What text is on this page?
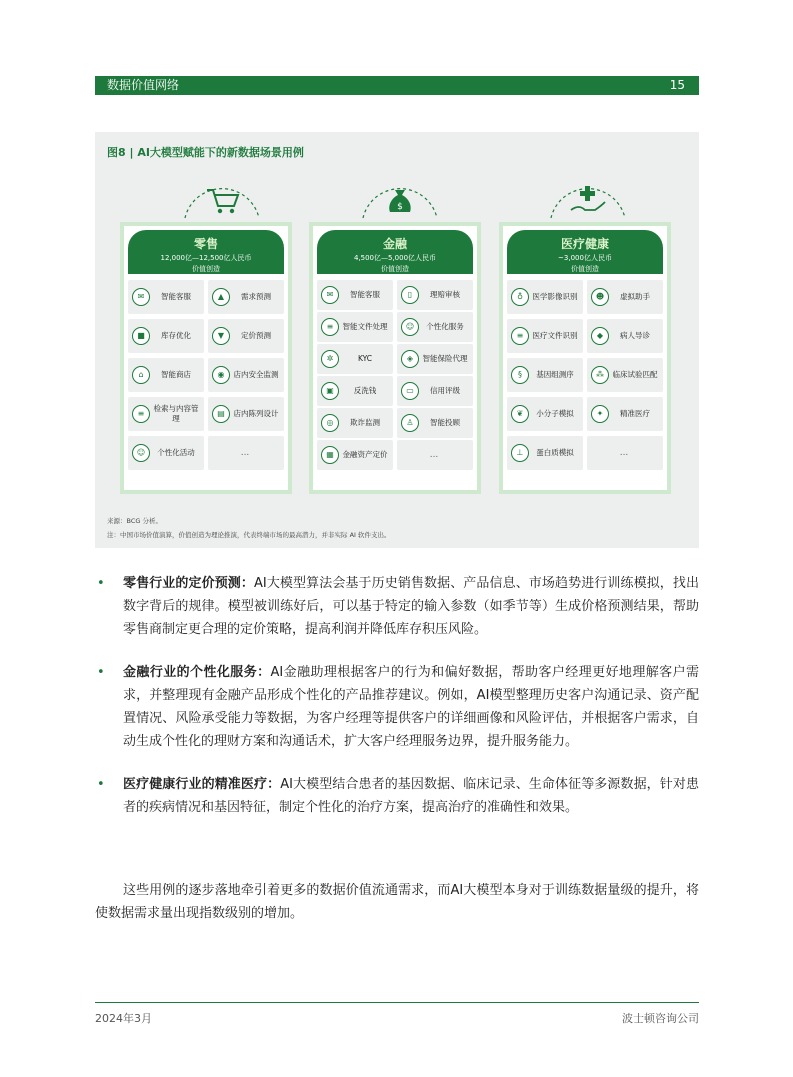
数据价值网络	15
图8 | AI大模型赋能下的新数据场景用例
$
零售
12,000亿—12,500亿人民币
价值创造
✉	智能客服	▲	需求预测
■	库存优化	▼	定价预测
⌂	智能商店	◉	店内安全监测
≡
检索与内容管理
▤	店内陈列设计
☺	个性化活动	...
金融
4,500亿—5,000亿人民币
价值创造
✉	智能客服	▯	理赔审核
≡	智能文件处理	☺	个性化服务
✲	KYC	◈	智能保险代理
▣	反洗钱	▭	信用评级
◎	欺诈监测	♙	智能投顾
▦	金融资产定价	...
医疗健康
~3,000亿人民币
价值创造
♁	医学影像识别	☻	虚拟助手
≡	医疗文件识别	◆	病人导诊
§	基因组测序	⁂	临床试验匹配
❦	小分子模拟	✦	精准医疗
⊥	蛋白质模拟	...
来源：BCG 分析。
注：中国市场价值演算，价值创造为理论推演，代表终端市场的最高潜力，并非实际 AI 软件支出。
• 零售行业的定价预测：AI大模型算法会基于历史销售数据、产品信息、市场趋势进行训练模拟，找出数字背后的规律。模型被训练好后，可以基于特定的输入参数（如季节等）生成价格预测结果，帮助零售商制定更合理的定价策略，提高利润并降低库存积压风险。
• 金融行业的个性化服务：AI金融助理根据客户的行为和偏好数据，帮助客户经理更好地理解客户需求，并整理现有金融产品形成个性化的产品推荐建议。例如，AI模型整理历史客户沟通记录、资产配置情况、风险承受能力等数据，为客户经理等提供客户的详细画像和风险评估，并根据客户需求，自动生成个性化的理财方案和沟通话术，扩大客户经理服务边界，提升服务能力。
• 医疗健康行业的精准医疗：AI大模型结合患者的基因数据、临床记录、生命体征等多源数据，针对患者的疾病情况和基因特征，制定个性化的治疗方案，提高治疗的准确性和效果。

这些用例的逐步落地牵引着更多的数据价值流通需求，而AI大模型本身对于训练数据量级的提升，将使数据需求量出现指数级别的增加。

2024年3月	波士顿咨询公司
